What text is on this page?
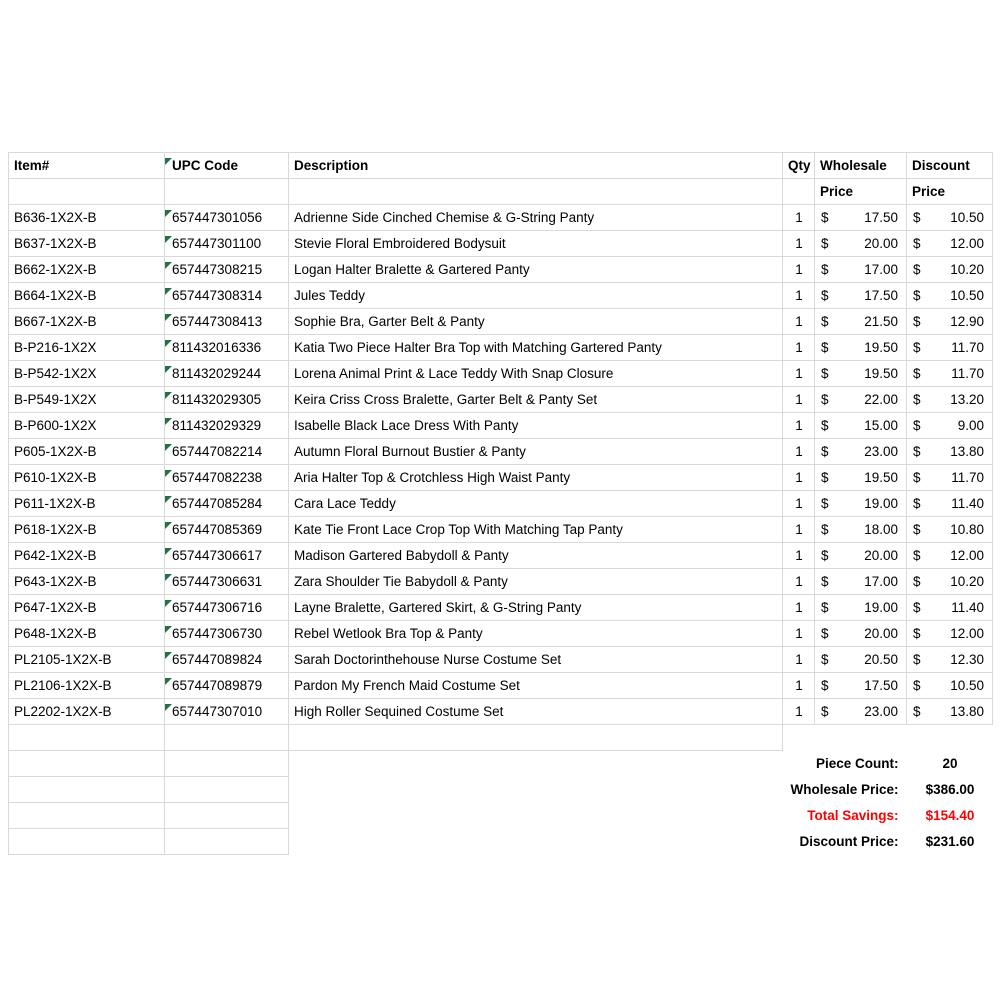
Item#	UPC Code	Description	Qty	Wholesale	Discount

				Price	Price

B636-1X2X-B	657447301056	Adrienne Side Cinched Chemise & G-String Panty	1	$ 17.50	$ 10.50

B637-1X2X-B	657447301100	Stevie Floral Embroidered Bodysuit	1	$ 20.00	$ 12.00

B662-1X2X-B	657447308215	Logan Halter Bralette & Gartered Panty	1	$ 17.00	$ 10.20

B664-1X2X-B	657447308314	Jules Teddy	1	$ 17.50	$ 10.50

B667-1X2X-B	657447308413	Sophie Bra, Garter Belt & Panty	1	$ 21.50	$ 12.90

B-P216-1X2X	811432016336	Katia Two Piece Halter Bra Top with Matching Gartered Panty	1	$ 19.50	$ 11.70

B-P542-1X2X	811432029244	Lorena Animal Print & Lace Teddy With Snap Closure	1	$ 19.50	$ 11.70

B-P549-1X2X	811432029305	Keira Criss Cross Bralette, Garter Belt & Panty Set	1	$ 22.00	$ 13.20

B-P600-1X2X	811432029329	Isabelle Black Lace Dress With Panty	1	$ 15.00	$ 9.00

P605-1X2X-B	657447082214	Autumn Floral Burnout Bustier & Panty	1	$ 23.00	$ 13.80

P610-1X2X-B	657447082238	Aria Halter Top & Crotchless High Waist Panty	1	$ 19.50	$ 11.70

P611-1X2X-B	657447085284	Cara Lace Teddy	1	$ 19.00	$ 11.40

P618-1X2X-B	657447085369	Kate Tie Front Lace Crop Top With Matching Tap Panty	1	$ 18.00	$ 10.80

P642-1X2X-B	657447306617	Madison Gartered Babydoll & Panty	1	$ 20.00	$ 12.00

P643-1X2X-B	657447306631	Zara Shoulder Tie Babydoll & Panty	1	$ 17.00	$ 10.20

P647-1X2X-B	657447306716	Layne Bralette, Gartered Skirt, & G-String Panty	1	$ 19.00	$ 11.40

P648-1X2X-B	657447306730	Rebel Wetlook Bra Top & Panty	1	$ 20.00	$ 12.00

PL2105-1X2X-B	657447089824	Sarah Doctorinthehouse Nurse Costume Set	1	$ 20.50	$ 12.30

PL2106-1X2X-B	657447089879	Pardon My French Maid Costume Set	1	$ 17.50	$ 10.50

PL2202-1X2X-B	657447307010	High Roller Sequined Costume Set	1	$ 23.00	$ 13.80

			Piece Count:		20

			Wholesale Price:		$386.00

			Total Savings:		$154.40

			Discount Price:		$231.60
